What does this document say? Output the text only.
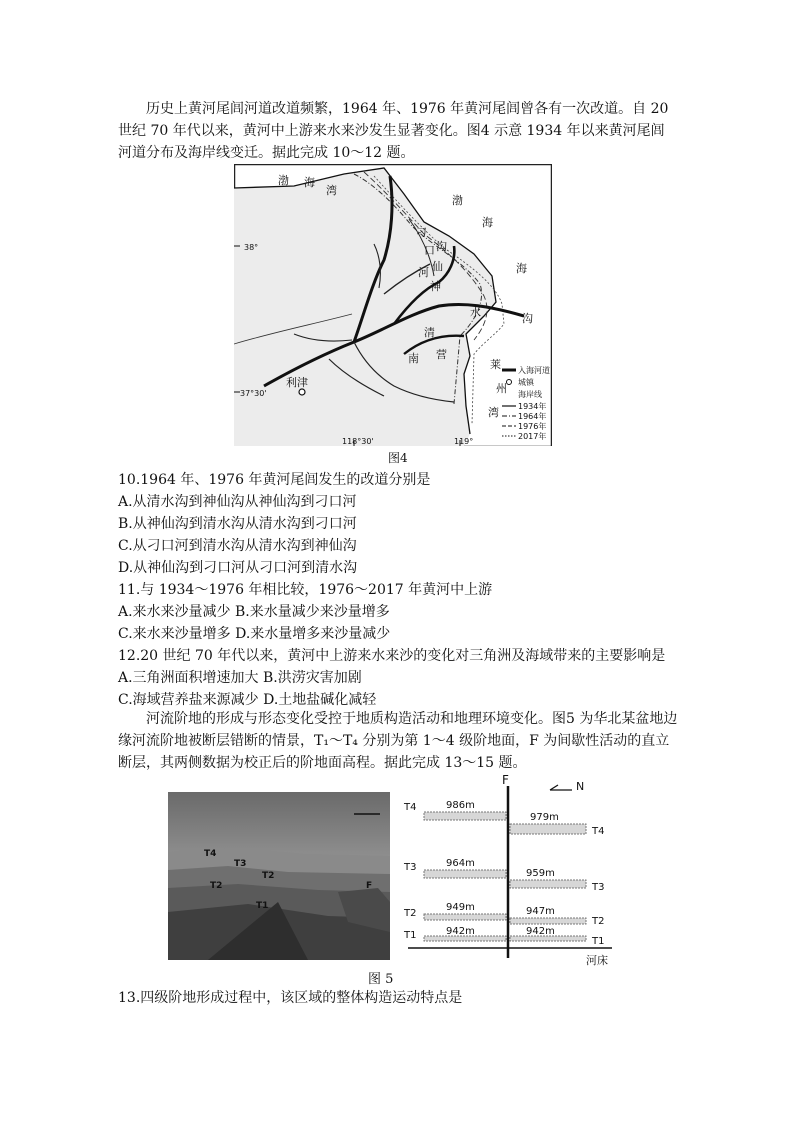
历史上黄河尾闾河道改道频繁，1964 年、1976 年黄河尾闾曾各有一次改道。自 20 世纪 70 年代以来，黄河中上游来水来沙发生显著变化。图4 示意 1934 年以来黄河尾闾河道分布及海岸线变迁。据此完成 10～12 题。
渤 海
湾
渤
海
海
沟
刁
口
河
沟
仙
神
清
水
营
南	莱
州
湾
利津
38°
37°30'
118°30'	119°
入海河道
城镇
海岸线
1934年
1964年
1976年
2017年
图4
10.1964 年、1976 年黄河尾闾发生的改道分别是
A.从清水沟到神仙沟从神仙沟到刁口河
B.从神仙沟到清水沟从清水沟到刁口河
C.从刁口河到清水沟从清水沟到神仙沟
D.从神仙沟到刁口河从刁口河到清水沟
11.与 1934～1976 年相比较，1976～2017 年黄河中上游
A.来水来沙量减少 B.来水量减少来沙量增多
C.来水来沙量增多 D.来水量增多来沙量减少
12.20 世纪 70 年代以来，黄河中上游来水来沙的变化对三角洲及海域带来的主要影响是
A.三角洲面积增速加大 B.洪涝灾害加剧
C.海域营养盐来源减少 D.土地盐碱化减轻
河流阶地的形成与形态变化受控于地质构造活动和地理环境变化。图5 为华北某盆地边缘河流阶地被断层错断的情景，T₁～T₄ 分别为第 1～4 级阶地面，F 为间歇性活动的直立断层，其两侧数据为校正后的阶地面高程。据此完成 13～15 题。
T4
T3
T2
T2
T1
F
F	N
河床
T4	986m
T3	964m
T2
949m
T1	942m
979m
T4
959m
T3
947m
T2
942m
T1
图 5
13.四级阶地形成过程中，该区域的整体构造运动特点是
